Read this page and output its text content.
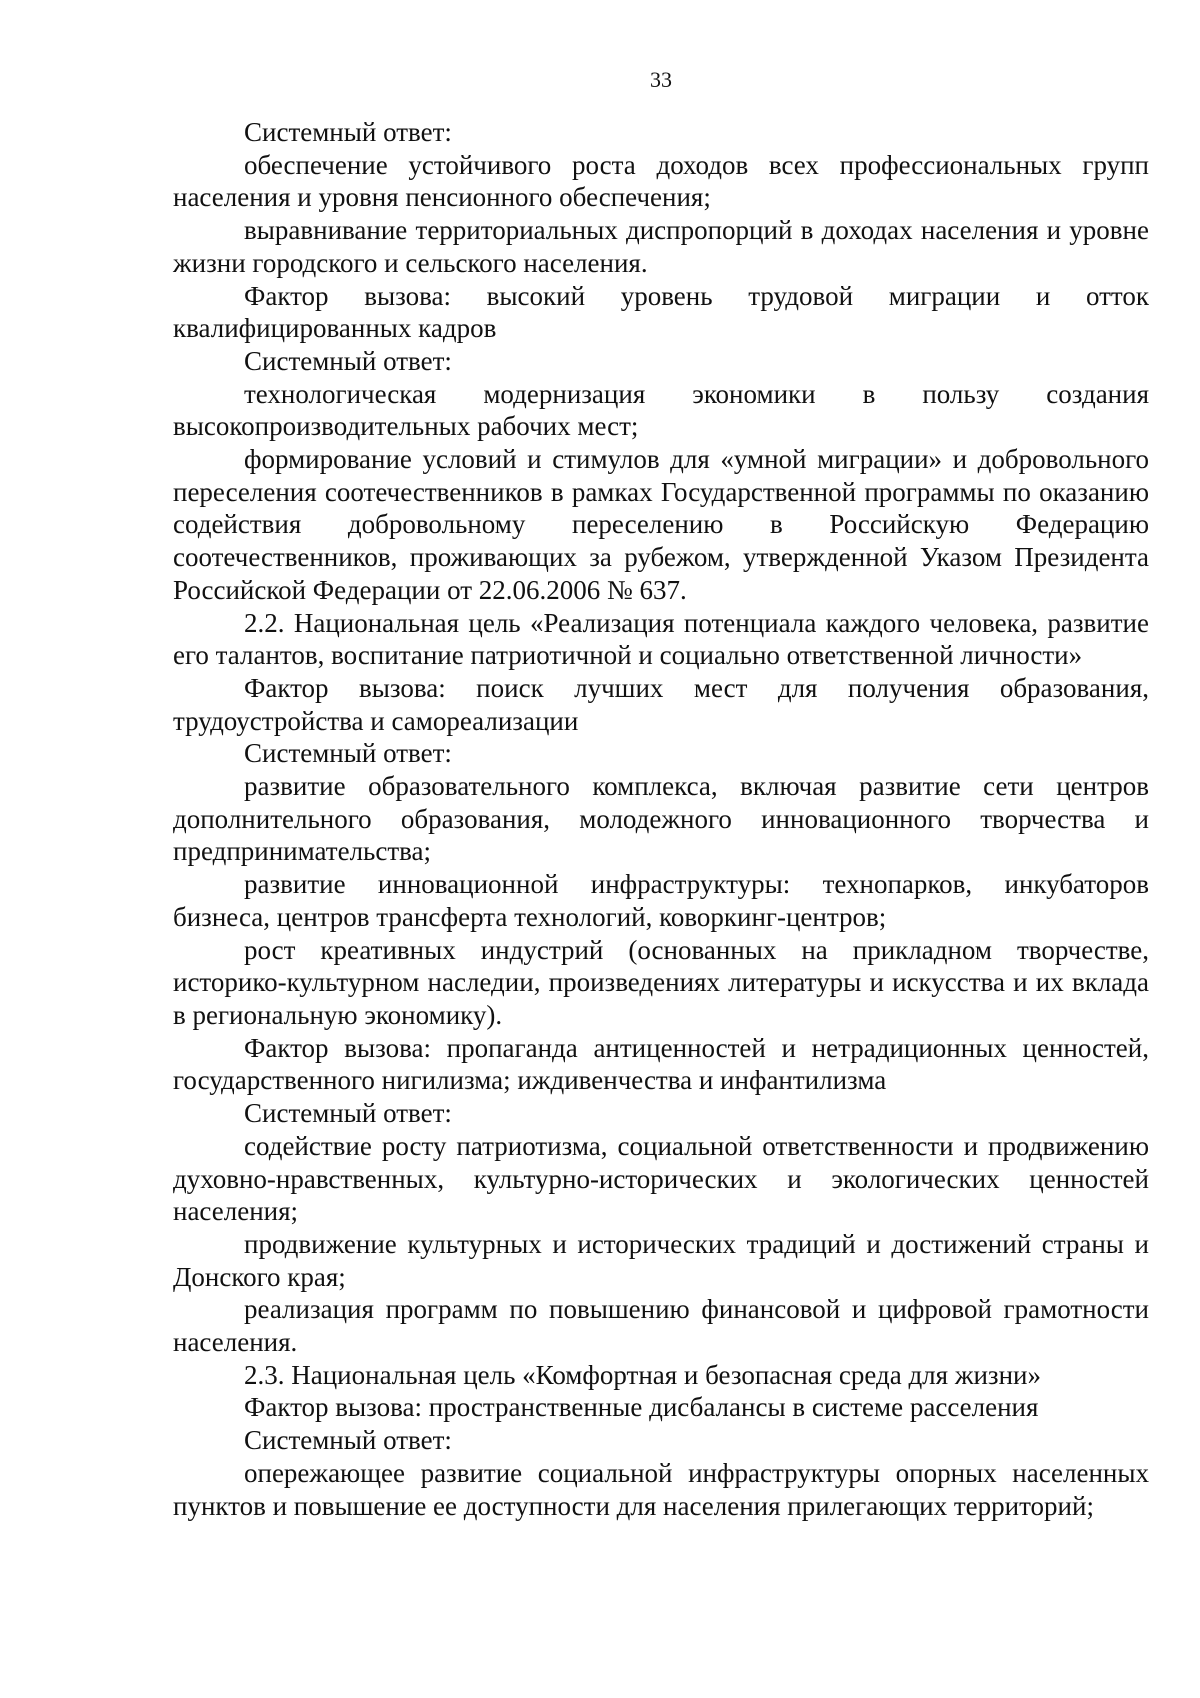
33

Системный ответ:

обеспечение устойчивого роста доходов всех профессиональных групп населения и уровня пенсионного обеспечения;

выравнивание территориальных диспропорций в доходах населения и уровне жизни городского и сельского населения.

Фактор вызова: высокий уровень трудовой миграции и отток квалифицированных кадров

Системный ответ:

технологическая модернизация экономики в пользу создания высокопроизводительных рабочих мест;

формирование условий и стимулов для «умной миграции» и добровольного переселения соотечественников в рамках Государственной программы по оказанию содействия добровольному переселению в Российскую Федерацию соотечественников, проживающих за рубежом, утвержденной Указом Президента Российской Федерации от 22.06.2006 № 637.

2.2. Национальная цель «Реализация потенциала каждого человека, развитие его талантов, воспитание патриотичной и социально ответственной личности»

Фактор вызова: поиск лучших мест для получения образования, трудоустройства и самореализации

Системный ответ:

развитие образовательного комплекса, включая развитие сети центров дополнительного образования, молодежного инновационного творчества и предпринимательства;

развитие инновационной инфраструктуры: технопарков, инкубаторов бизнеса, центров трансферта технологий, коворкинг-центров;

рост креативных индустрий (основанных на прикладном творчестве, историко-культурном наследии, произведениях литературы и искусства и их вклада в региональную экономику).

Фактор вызова: пропаганда антиценностей и нетрадиционных ценностей, государственного нигилизма; иждивенчества и инфантилизма

Системный ответ:

содействие росту патриотизма, социальной ответственности и продвижению духовно-нравственных, культурно-исторических и экологических ценностей населения;

продвижение культурных и исторических традиций и достижений страны и Донского края;

реализация программ по повышению финансовой и цифровой грамотности населения.

2.3. Национальная цель «Комфортная и безопасная среда для жизни»

Фактор вызова: пространственные дисбалансы в системе расселения

Системный ответ:

опережающее развитие социальной инфраструктуры опорных населенных пунктов и повышение ее доступности для населения прилегающих территорий;
